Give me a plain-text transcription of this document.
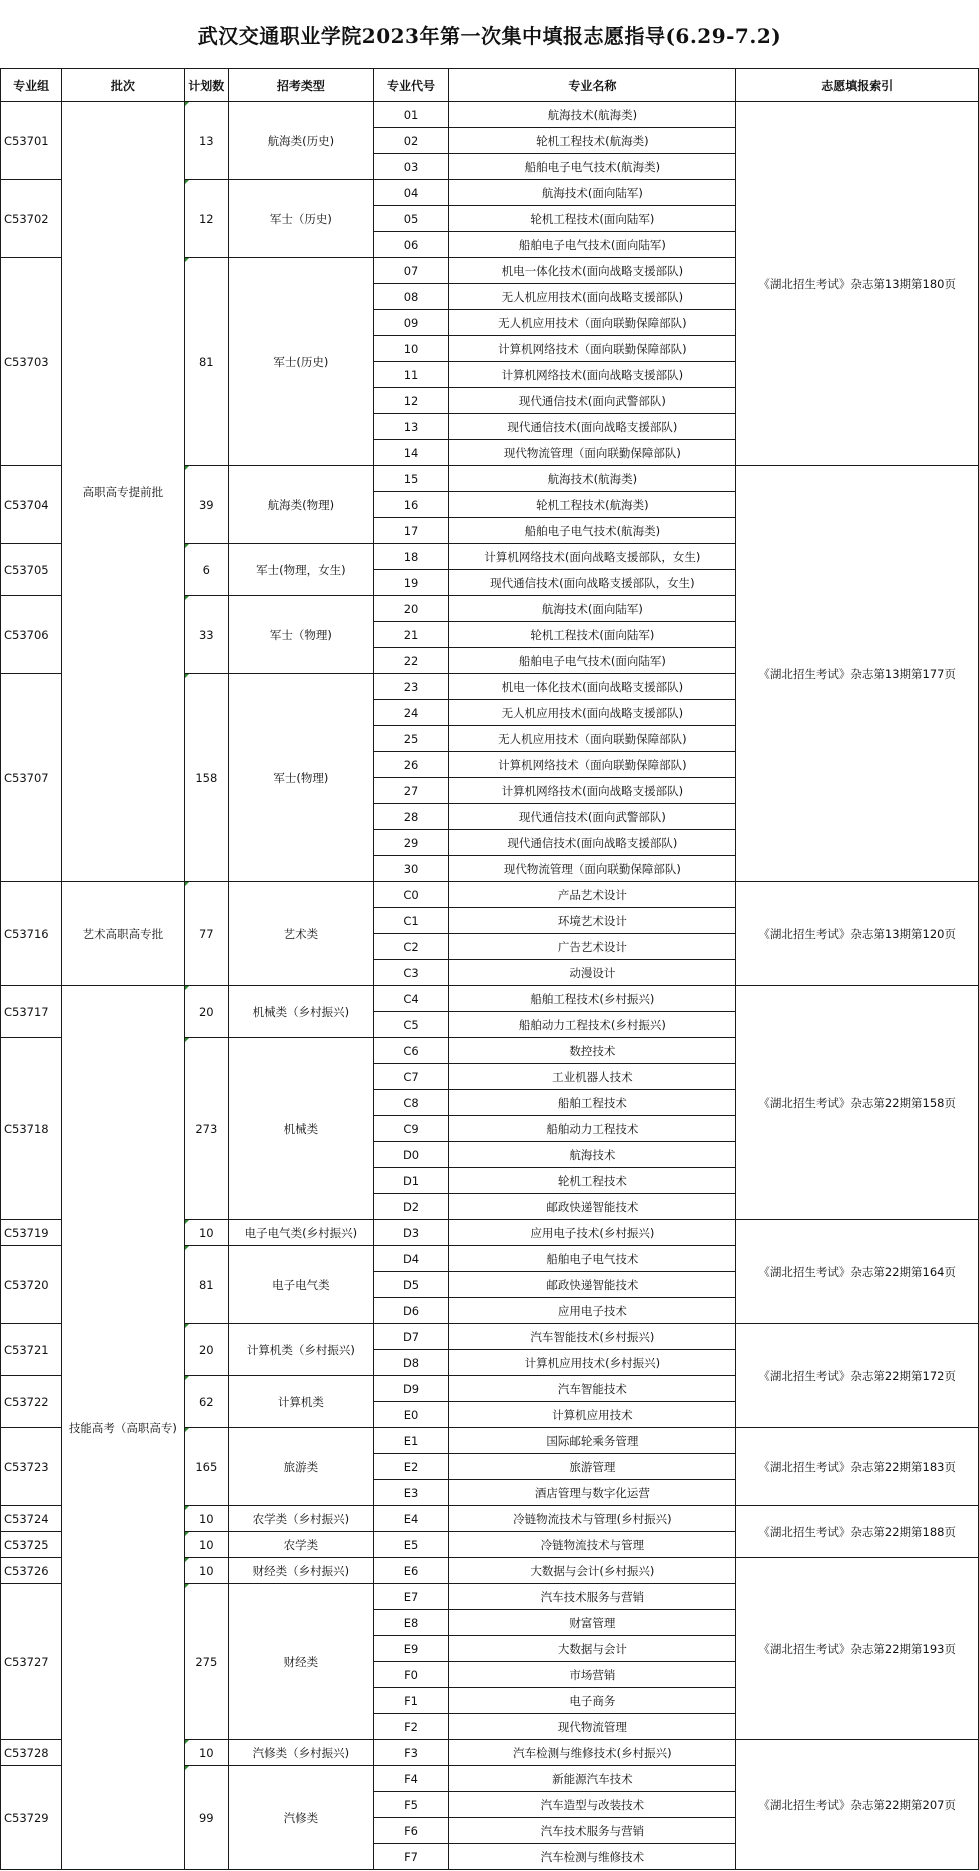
武汉交通职业学院2023年第一次集中填报志愿指导(6.29-7.2)
专业组	批次	计划数	招考类型	专业代号	专业名称	志愿填报索引
C53701	高职高专提前批	13	航海类(历史)	01	航海技术(航海类)	《湖北招生考试》杂志第13期第180页
				02	轮机工程技术(航海类)	
				03	船舶电子电气技术(航海类)	
C53702		12	军士（历史)	04	航海技术(面向陆军)	
				05	轮机工程技术(面向陆军)	
				06	船舶电子电气技术(面向陆军)	
C53703		81	军士(历史)	07	机电一体化技术(面向战略支援部队)	
				08	无人机应用技术(面向战略支援部队)	
				09	无人机应用技术（面向联勤保障部队)	
				10	计算机网络技术（面向联勤保障部队)	
				11	计算机网络技术(面向战略支援部队)	
				12	现代通信技术(面向武警部队)	
				13	现代通信技术(面向战略支援部队)	
				14	现代物流管理（面向联勤保障部队)	
C53704		39	航海类(物理)	15	航海技术(航海类)	《湖北招生考试》杂志第13期第177页
				16	轮机工程技术(航海类)	
				17	船舶电子电气技术(航海类)	
C53705		6	军士(物理，女生)	18	计算机网络技术(面向战略支援部队，女生)	
				19	现代通信技术(面向战略支援部队，女生)	
C53706		33	军士（物理)	20	航海技术(面向陆军)	
				21	轮机工程技术(面向陆军)	
				22	船舶电子电气技术(面向陆军)	
C53707		158	军士(物理)	23	机电一体化技术(面向战略支援部队)	
				24	无人机应用技术(面向战略支援部队)	
				25	无人机应用技术（面向联勤保障部队)	
				26	计算机网络技术（面向联勤保障部队)	
				27	计算机网络技术(面向战略支援部队)	
				28	现代通信技术(面向武警部队)	
				29	现代通信技术(面向战略支援部队)	
				30	现代物流管理（面向联勤保障部队)	
C53716	艺术高职高专批	77	艺术类	C0	产品艺术设计	《湖北招生考试》杂志第13期第120页
				C1	环境艺术设计	
				C2	广告艺术设计	
				C3	动漫设计	
C53717	技能高考（高职高专)	20	机械类（乡村振兴)	C4	船舶工程技术(乡村振兴)	《湖北招生考试》杂志第22期第158页
				C5	船舶动力工程技术(乡村振兴)	
C53718		273	机械类	C6	数控技术	
				C7	工业机器人技术	
				C8	船舶工程技术	
				C9	船舶动力工程技术	
				D0	航海技术	
				D1	轮机工程技术	
				D2	邮政快递智能技术	
C53719		10	电子电气类(乡村振兴)	D3	应用电子技术(乡村振兴)	《湖北招生考试》杂志第22期第164页
C53720		81	电子电气类	D4	船舶电子电气技术	
				D5	邮政快递智能技术	
				D6	应用电子技术	
C53721		20	计算机类（乡村振兴)	D7	汽车智能技术(乡村振兴)	《湖北招生考试》杂志第22期第172页
				D8	计算机应用技术(乡村振兴)	
C53722		62	计算机类	D9	汽车智能技术	
				E0	计算机应用技术	
C53723		165	旅游类	E1	国际邮轮乘务管理	《湖北招生考试》杂志第22期第183页
				E2	旅游管理	
				E3	酒店管理与数字化运营	
C53724		10	农学类（乡村振兴)	E4	冷链物流技术与管理(乡村振兴)	《湖北招生考试》杂志第22期第188页
C53725		10	农学类	E5	冷链物流技术与管理	
C53726		10	财经类（乡村振兴)	E6	大数据与会计(乡村振兴)	《湖北招生考试》杂志第22期第193页
C53727		275	财经类	E7	汽车技术服务与营销	
				E8	财富管理	
				E9	大数据与会计	
				F0	市场营销	
				F1	电子商务	
				F2	现代物流管理	
C53728		10	汽修类（乡村振兴)	F3	汽车检测与维修技术(乡村振兴)	《湖北招生考试》杂志第22期第207页
C53729		99	汽修类	F4	新能源汽车技术	
				F5	汽车造型与改装技术	
				F6	汽车技术服务与营销	
				F7	汽车检测与维修技术	
